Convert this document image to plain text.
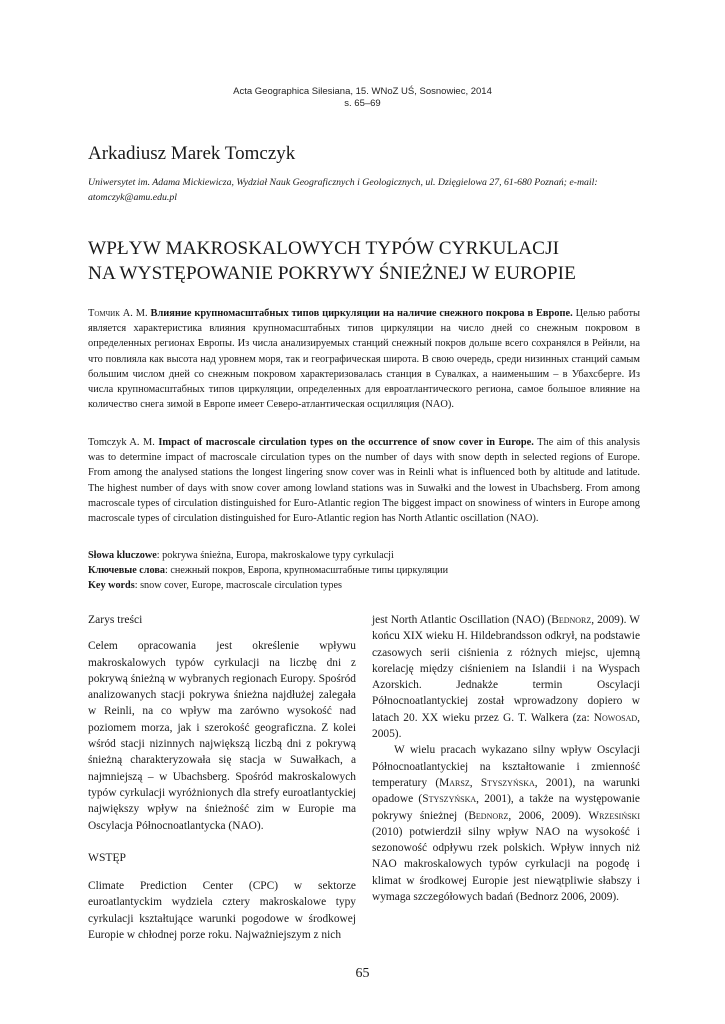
Acta Geographica Silesiana, 15. WNoZ UŚ, Sosnowiec, 2014
s. 65–69
Arkadiusz Marek Tomczyk
Uniwersytet im. Adama Mickiewicza, Wydział Nauk Geograficznych i Geologicznych, ul. Dzięgielowa 27, 61-680 Poznań; e-mail: atomczyk@amu.edu.pl
WPŁYW MAKROSKALOWYCH TYPÓW CYRKULACJI
NA WYSTĘPOWANIE POKRYWY ŚNIEŻNEJ W EUROPIE
Томчик А. М. Влияние крупномасштабных типов циркуляции на наличие снежного покрова в Европе. Целью работы является характеристика влияния крупномасштабных типов циркуляции на число дней со снежным покровом в определенных регионах Европы. Из числа анализируемых станций снежный покров дольше всего сохранялся в Рейнли, на что повлияла как высота над уровнем моря, так и географическая широта. В свою очередь, среди низинных станций самым большим числом дней со снежным покровом характеризовалась станция в Сувалках, а наименьшим – в Убахсберге. Из числа крупномасштабных типов циркуляции, определенных для евроатлантического региона, самое большое влияние на количество снега зимой в Европе имеет Северо-атлантическая осцилляция (NAO).
Tomczyk A. M. Impact of macroscale circulation types on the occurrence of snow cover in Europe. The aim of this analysis was to determine impact of macroscale circulation types on the number of days with snow depth in selected regions of Europe. From among the analysed stations the longest lingering snow cover was in Reinli what is influenced both by altitude and latitude. The highest number of days with snow cover among lowland stations was in Suwałki and the lowest in Ubachsberg. From among macroscale types of circulation distinguished for Euro-Atlantic region The biggest impact on snowiness of winters in Europe among macroscale types of circulation distinguished for Euro-Atlantic region has North Atlantic oscillation (NAO).
Słowa kluczowe: pokrywa śnieżna, Europa, makroskalowe typy cyrkulacji
Ключевые слова: снежный покров, Европа, крупномасштабные типы циркуляции
Key words: snow cover, Europe, macroscale circulation types

Zarys treści

Celem opracowania jest określenie wpływu makroskalowych typów cyrkulacji na liczbę dni z pokrywą śnieżną w wybranych regionach Europy. Spośród analizowanych stacji pokrywa śnieżna najdłużej zalegała w Reinli, na co wpływ ma zarówno wysokość nad poziomem morza, jak i szerokość geograficzna. Z kolei wśród stacji nizinnych największą liczbą dni z pokrywą śnieżną charakteryzowała się stacja w Suwałkach, a najmniejszą – w Ubachsberg. Spośród makroskalowych typów cyrkulacji wyróżnionych dla strefy euroatlantyckiej największy wpływ na śnieżność zim w Europie ma Oscylacja Północnoatlantycka (NAO).

WSTĘP

Climate Prediction Center (CPC) w sektorze euroatlantyckim wydziela cztery makroskalowe typy cyrkulacji kształtujące warunki pogodowe w środkowej Europie w chłodnej porze roku. Najważniejszym z nich

jest North Atlantic Oscillation (NAO) (Bednorz, 2009). W końcu XIX wieku H. Hildebrandsson odkrył, na podstawie czasowych serii ciśnienia z różnych miejsc, ujemną korelację między ciśnieniem na Islandii i na Wyspach Azorskich. Jednakże termin Oscylacji Północnoatlantyckiej został wprowadzony dopiero w latach 20. XX wieku przez G. T. Walkera (za: Nowosad, 2005).

W wielu pracach wykazano silny wpływ Oscylacji Północnoatlantyckiej na kształtowanie i zmienność temperatury (Marsz, Styszyńska, 2001), na warunki opadowe (Styszyńska, 2001), a także na występowanie pokrywy śnieżnej (Bednorz, 2006, 2009). Wrzesiński (2010) potwierdził silny wpływ NAO na wysokość i sezonowość odpływu rzek polskich. Wpływ innych niż NAO makroskalowych typów cyrkulacji na pogodę i klimat w środkowej Europie jest niewątpliwie słabszy i wymaga szczegółowych badań (Bednorz 2006, 2009).

65
